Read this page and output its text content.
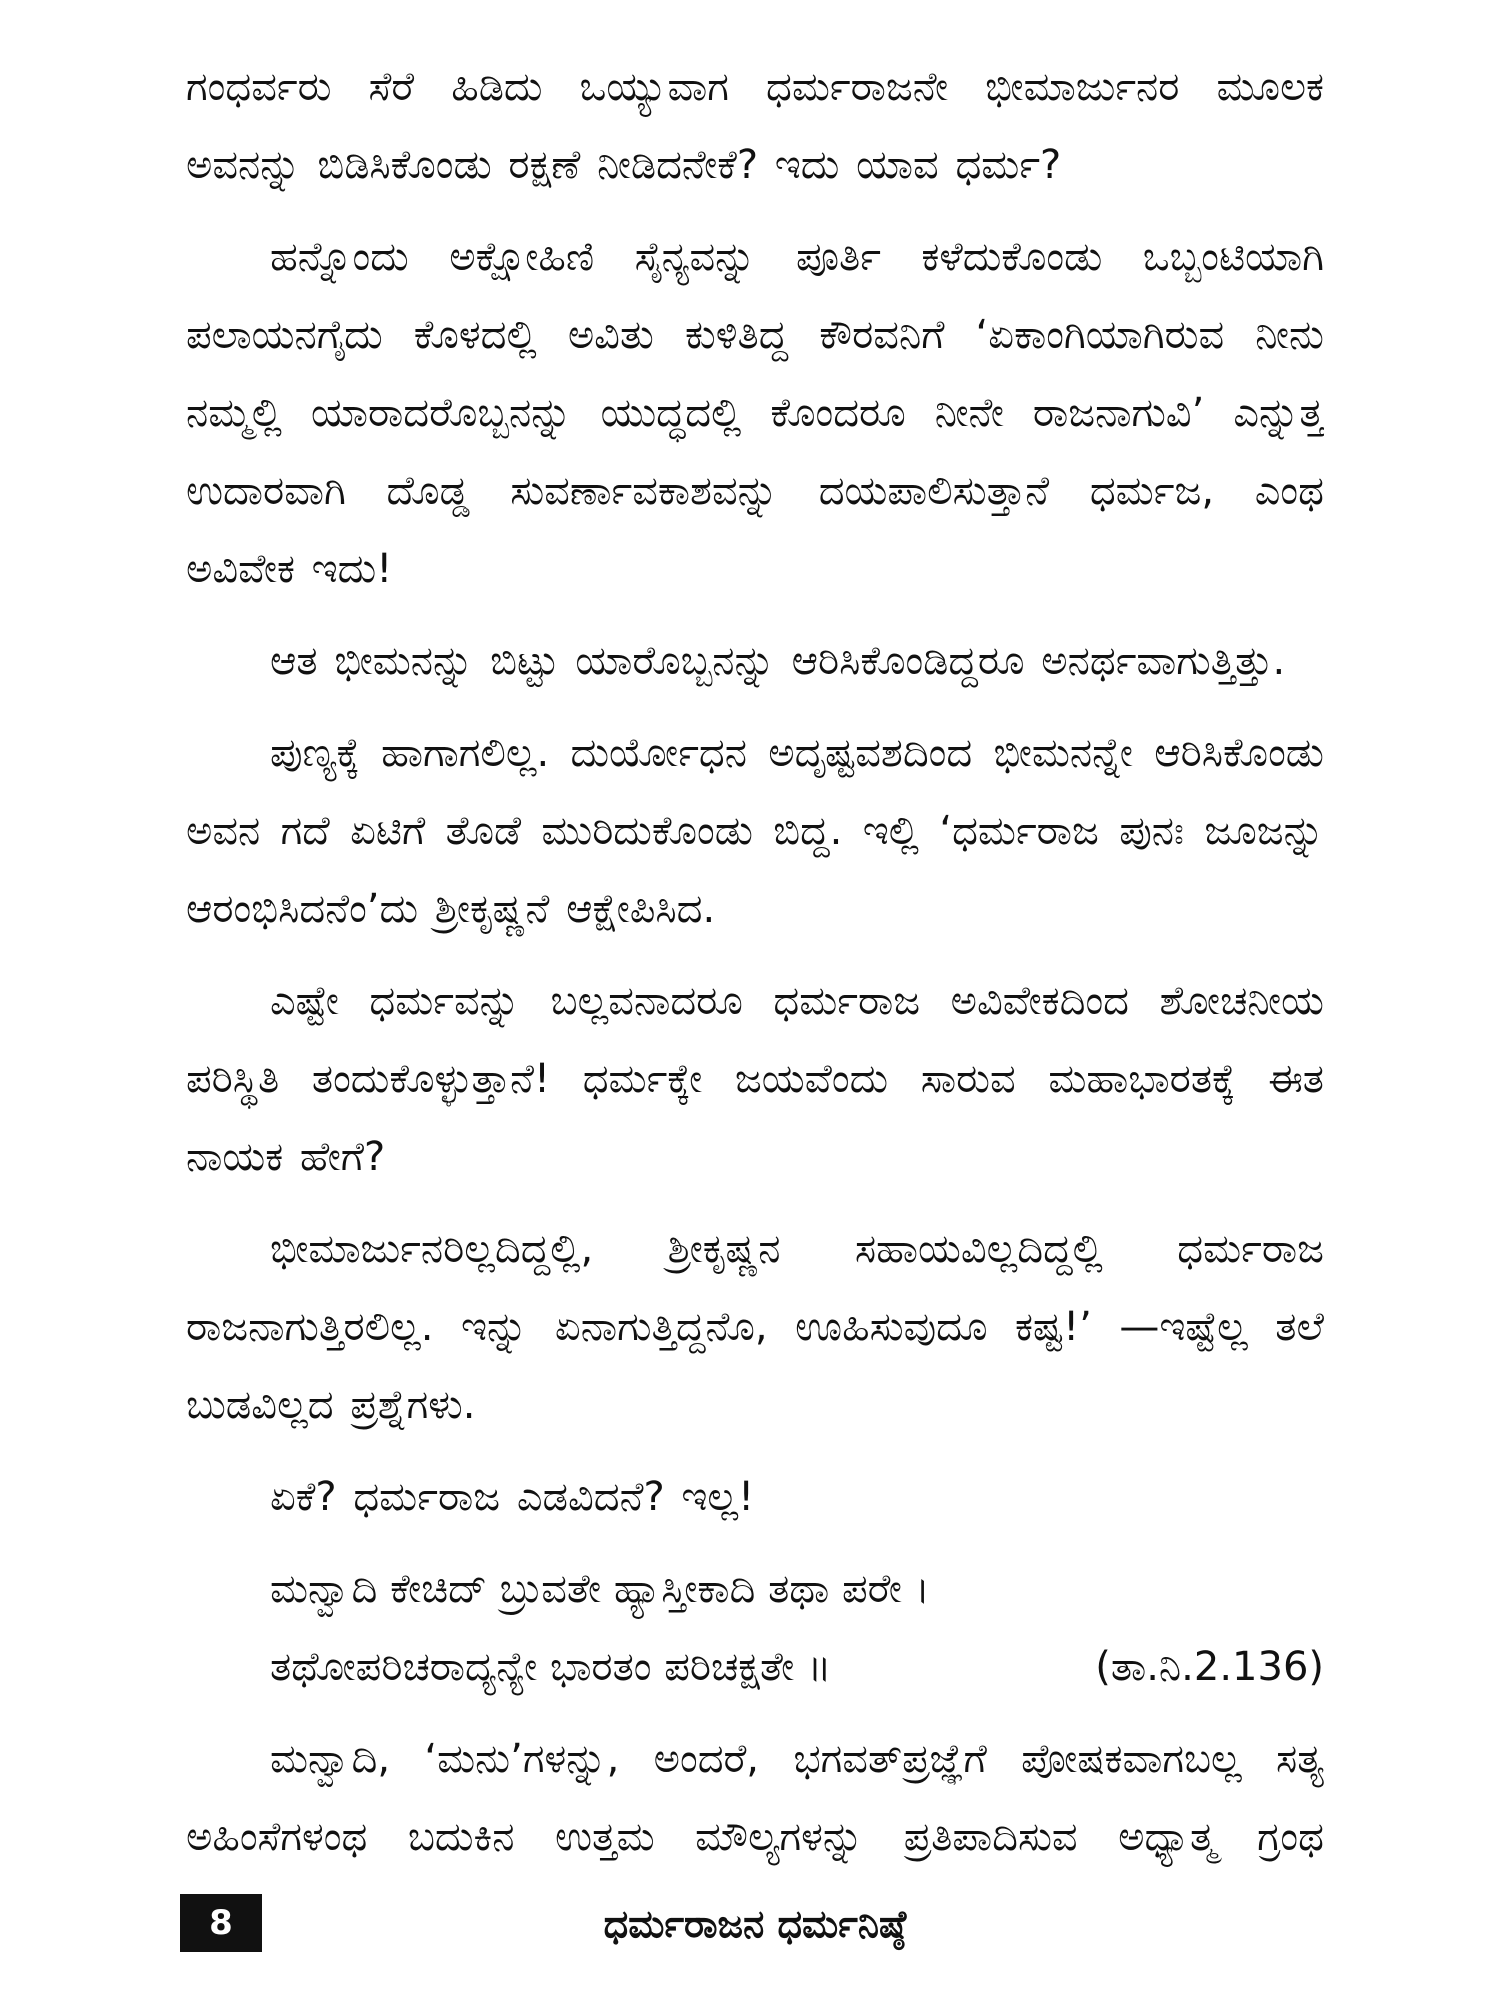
ಗಂಧರ್ವರು ಸೆರೆ ಹಿಡಿದು ಒಯ್ಯುವಾಗ ಧರ್ಮರಾಜನೇ ಭೀಮಾರ್ಜುನರ ಮೂಲಕ ಅವನನ್ನು ಬಿಡಿಸಿಕೊಂಡು ರಕ್ಷಣೆ ನೀಡಿದನೇಕೆ? ಇದು ಯಾವ ಧರ್ಮ?

ಹನ್ನೊಂದು ಅಕ್ಷೋಹಿಣಿ ಸೈನ್ಯವನ್ನು ಪೂರ್ತಿ ಕಳೆದುಕೊಂಡು ಒಬ್ಬಂಟಿಯಾಗಿ ಪಲಾಯನಗೈದು ಕೊಳದಲ್ಲಿ ಅವಿತು ಕುಳಿತಿದ್ದ ಕೌರವನಿಗೆ ‘ಏಕಾಂಗಿಯಾಗಿರುವ ನೀನು ನಮ್ಮಲ್ಲಿ ಯಾರಾದರೊಬ್ಬನನ್ನು ಯುದ್ಧದಲ್ಲಿ ಕೊಂದರೂ ನೀನೇ ರಾಜನಾಗುವಿ’ ಎನ್ನುತ್ತ ಉದಾರವಾಗಿ ದೊಡ್ಡ ಸುವರ್ಣಾವಕಾಶವನ್ನು ದಯಪಾಲಿಸುತ್ತಾನೆ ಧರ್ಮಜ, ಎಂಥ ಅವಿವೇಕ ಇದು!

ಆತ ಭೀಮನನ್ನು ಬಿಟ್ಟು ಯಾರೊಬ್ಬನನ್ನು ಆರಿಸಿಕೊಂಡಿದ್ದರೂ ಅನರ್ಥವಾಗುತ್ತಿತ್ತು.

ಪುಣ್ಯಕ್ಕೆ ಹಾಗಾಗಲಿಲ್ಲ. ದುರ್ಯೋಧನ ಅದೃಷ್ಟವಶದಿಂದ ಭೀಮನನ್ನೇ ಆರಿಸಿಕೊಂಡು ಅವನ ಗದೆ ಏಟಿಗೆ ತೊಡೆ ಮುರಿದುಕೊಂಡು ಬಿದ್ದ. ಇಲ್ಲಿ ‘ಧರ್ಮರಾಜ ಪುನಃ ಜೂಜನ್ನು ಆರಂಭಿಸಿದನೆಂ’ದು ಶ್ರೀಕೃಷ್ಣನೆ ಆಕ್ಷೇಪಿಸಿದ.

ಎಷ್ಟೇ ಧರ್ಮವನ್ನು ಬಲ್ಲವನಾದರೂ ಧರ್ಮರಾಜ ಅವಿವೇಕದಿಂದ ಶೋಚನೀಯ ಪರಿಸ್ಥಿತಿ ತಂದುಕೊಳ್ಳುತ್ತಾನೆ! ಧರ್ಮಕ್ಕೇ ಜಯವೆಂದು ಸಾರುವ ಮಹಾಭಾರತಕ್ಕೆ ಈತ ನಾಯಕ ಹೇಗೆ?

ಭೀಮಾರ್ಜುನರಿಲ್ಲದಿದ್ದಲ್ಲಿ, ಶ್ರೀಕೃಷ್ಣನ ಸಹಾಯವಿಲ್ಲದಿದ್ದಲ್ಲಿ ಧರ್ಮರಾಜ ರಾಜನಾಗುತ್ತಿರಲಿಲ್ಲ. ಇನ್ನು ಏನಾಗುತ್ತಿದ್ದನೊ, ಊಹಿಸುವುದೂ ಕಷ್ಟ!’ —ಇಷ್ಟೆಲ್ಲ ತಲೆ ಬುಡವಿಲ್ಲದ ಪ್ರಶ್ನೆಗಳು.

ಏಕೆ? ಧರ್ಮರಾಜ ಎಡವಿದನೆ? ಇಲ್ಲ!

ಮನ್ವಾದಿ ಕೇಚಿದ್ ಬ್ರುವತೇ ಹ್ಯಾಸ್ತೀಕಾದಿ ತಥಾ ಪರೇ ।
ತಥೋಪರಿಚರಾದ್ಯನ್ಯೇ ಭಾರತಂ ಪರಿಚಕ್ಷತೇ ॥	(ತಾ.ನಿ.2.136)

ಮನ್ವಾದಿ, ‘ಮನು’ಗಳನ್ನು, ಅಂದರೆ, ಭಗವತ್‌ಪ್ರಜ್ಞೆಗೆ ಪೋಷಕವಾಗಬಲ್ಲ ಸತ್ಯ ಅಹಿಂಸೆಗಳಂಥ ಬದುಕಿನ ಉತ್ತಮ ಮೌಲ್ಯಗಳನ್ನು ಪ್ರತಿಪಾದಿಸುವ ಅಧ್ಯಾತ್ಮ ಗ್ರಂಥ

8	ಧರ್ಮರಾಜನ ಧರ್ಮನಿಷ್ಠೆ
